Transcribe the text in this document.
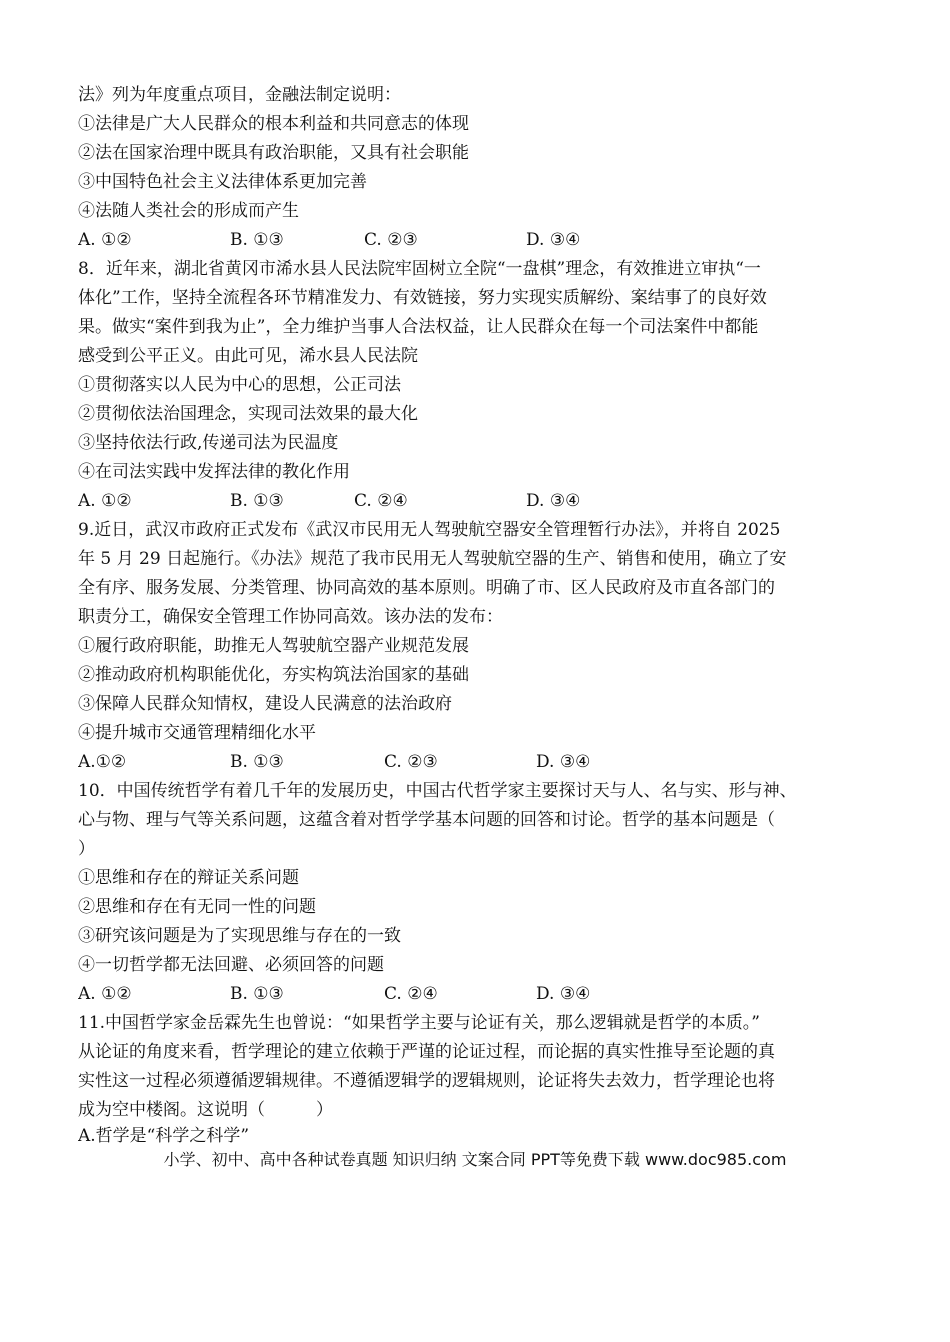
法》列为年度重点项目，金融法制定说明：
①法律是广大人民群众的根本利益和共同意志的体现
②法在国家治理中既具有政治职能，又具有社会职能
③中国特色社会主义法律体系更加完善
④法随人类社会的形成而产生
A. ①②	B. ①③	C. ②③	D. ③④
8．近年来，湖北省黄冈市浠水县人民法院牢固树立全院“一盘棋”理念，有效推进立审执“一
体化”工作，坚持全流程各环节精准发力、有效链接，努力实现实质解纷、案结事了的良好效
果。做实“案件到我为止”，全力维护当事人合法权益，让人民群众在每一个司法案件中都能
感受到公平正义。由此可见，浠水县人民法院
①贯彻落实以人民为中心的思想，公正司法
②贯彻依法治国理念，实现司法效果的最大化
③坚持依法行政,传递司法为民温度
④在司法实践中发挥法律的教化作用
A. ①②	B. ①③	C. ②④	D. ③④
9.近日，武汉市政府正式发布《武汉市民用无人驾驶航空器安全管理暂行办法》，并将自 2025
年 5 月 29 日起施行。《办法》规范了我市民用无人驾驶航空器的生产、销售和使用，确立了安
全有序、服务发展、分类管理、协同高效的基本原则。明确了市、区人民政府及市直各部门的
职责分工，确保安全管理工作协同高效。该办法的发布：
①履行政府职能，助推无人驾驶航空器产业规范发展
②推动政府机构职能优化，夯实构筑法治国家的基础
③保障人民群众知情权，建设人民满意的法治政府
④提升城市交通管理精细化水平
A.①②	B. ①③	C. ②③	D. ③④
10．中国传统哲学有着几千年的发展历史，中国古代哲学家主要探讨天与人、名与实、形与神、
心与物、理与气等关系问题，这蕴含着对哲学学基本问题的回答和讨论。哲学的基本问题是（
）
①思维和存在的辩证关系问题
②思维和存在有无同一性的问题
③研究该问题是为了实现思维与存在的一致
④一切哲学都无法回避、必须回答的问题
A. ①②	B. ①③	C. ②④	D. ③④
11.中国哲学家金岳霖先生也曾说：“如果哲学主要与论证有关，那么逻辑就是哲学的本质。”
从论证的角度来看，哲学理论的建立依赖于严谨的论证过程，而论据的真实性推导至论题的真
实性这一过程必须遵循逻辑规律。不遵循逻辑学的逻辑规则，论证将失去效力，哲学理论也将
成为空中楼阁。这说明（　　　）
A.哲学是“科学之科学”
小学、初中、高中各种试卷真题 知识归纳 文案合同 PPT等免费下载 www.doc985.com
